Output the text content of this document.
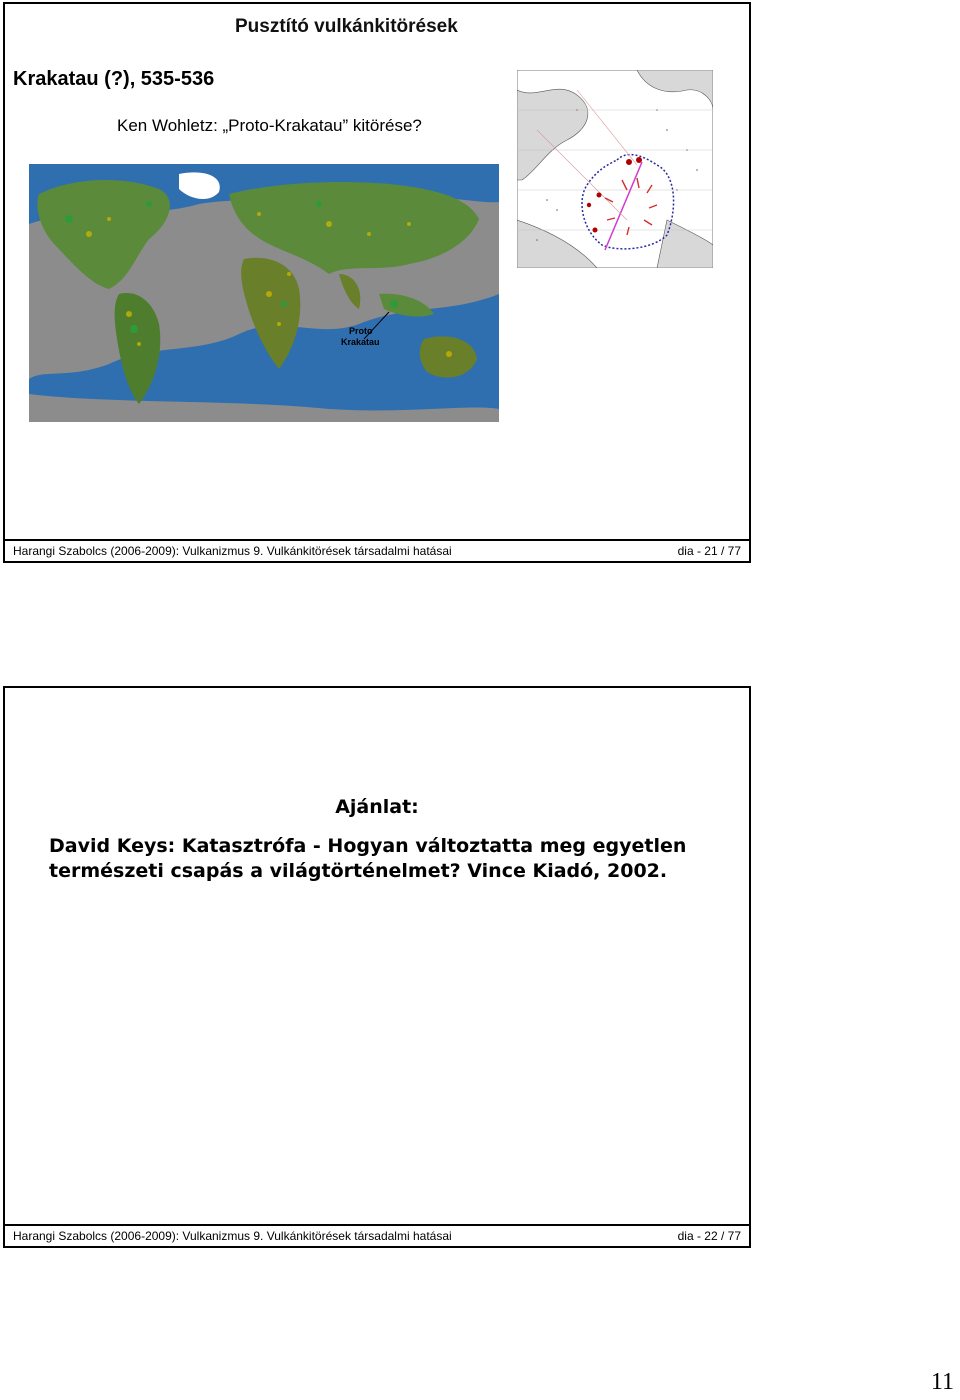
Pusztító vulkánkitörések
Krakatau (?), 535-536
Ken Wohletz: „Proto-Krakatau” kitörése?
Proto
Krakatau
Harangi Szabolcs (2006-2009): Vulkanizmus 9. Vulkánkitörések társadalmi hatásai	dia - 21 / 77
Ajánlat:
David Keys: Katasztrófa - Hogyan változtatta meg egyetlen természeti csapás a világtörténelmet? Vince Kiadó, 2002.
Harangi Szabolcs (2006-2009): Vulkanizmus 9. Vulkánkitörések társadalmi hatásai	dia - 22 / 77
11
